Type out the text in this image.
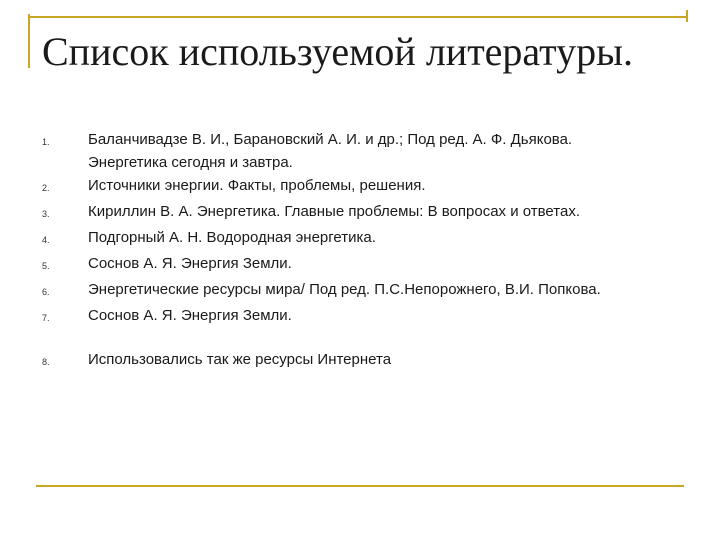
Список используемой литературы.
1.	Баланчивадзе В. И., Барановский А. И. и др.; Под ред. А. Ф. Дьякова.
Энергетика сегодня и завтра.
2.	Источники энергии. Факты, проблемы, решения.
3.	Кириллин В. А. Энергетика. Главные проблемы: В вопросах и ответах.
4.	Подгорный А. Н. Водородная энергетика.
5.	Соснов А. Я. Энергия Земли.
6.	Энергетические ресурсы мира/ Под ред. П.С.Непорожнего, В.И. Попкова.
7.	Соснов А. Я. Энергия Земли.
8.	Использовались так же ресурсы Интернета
